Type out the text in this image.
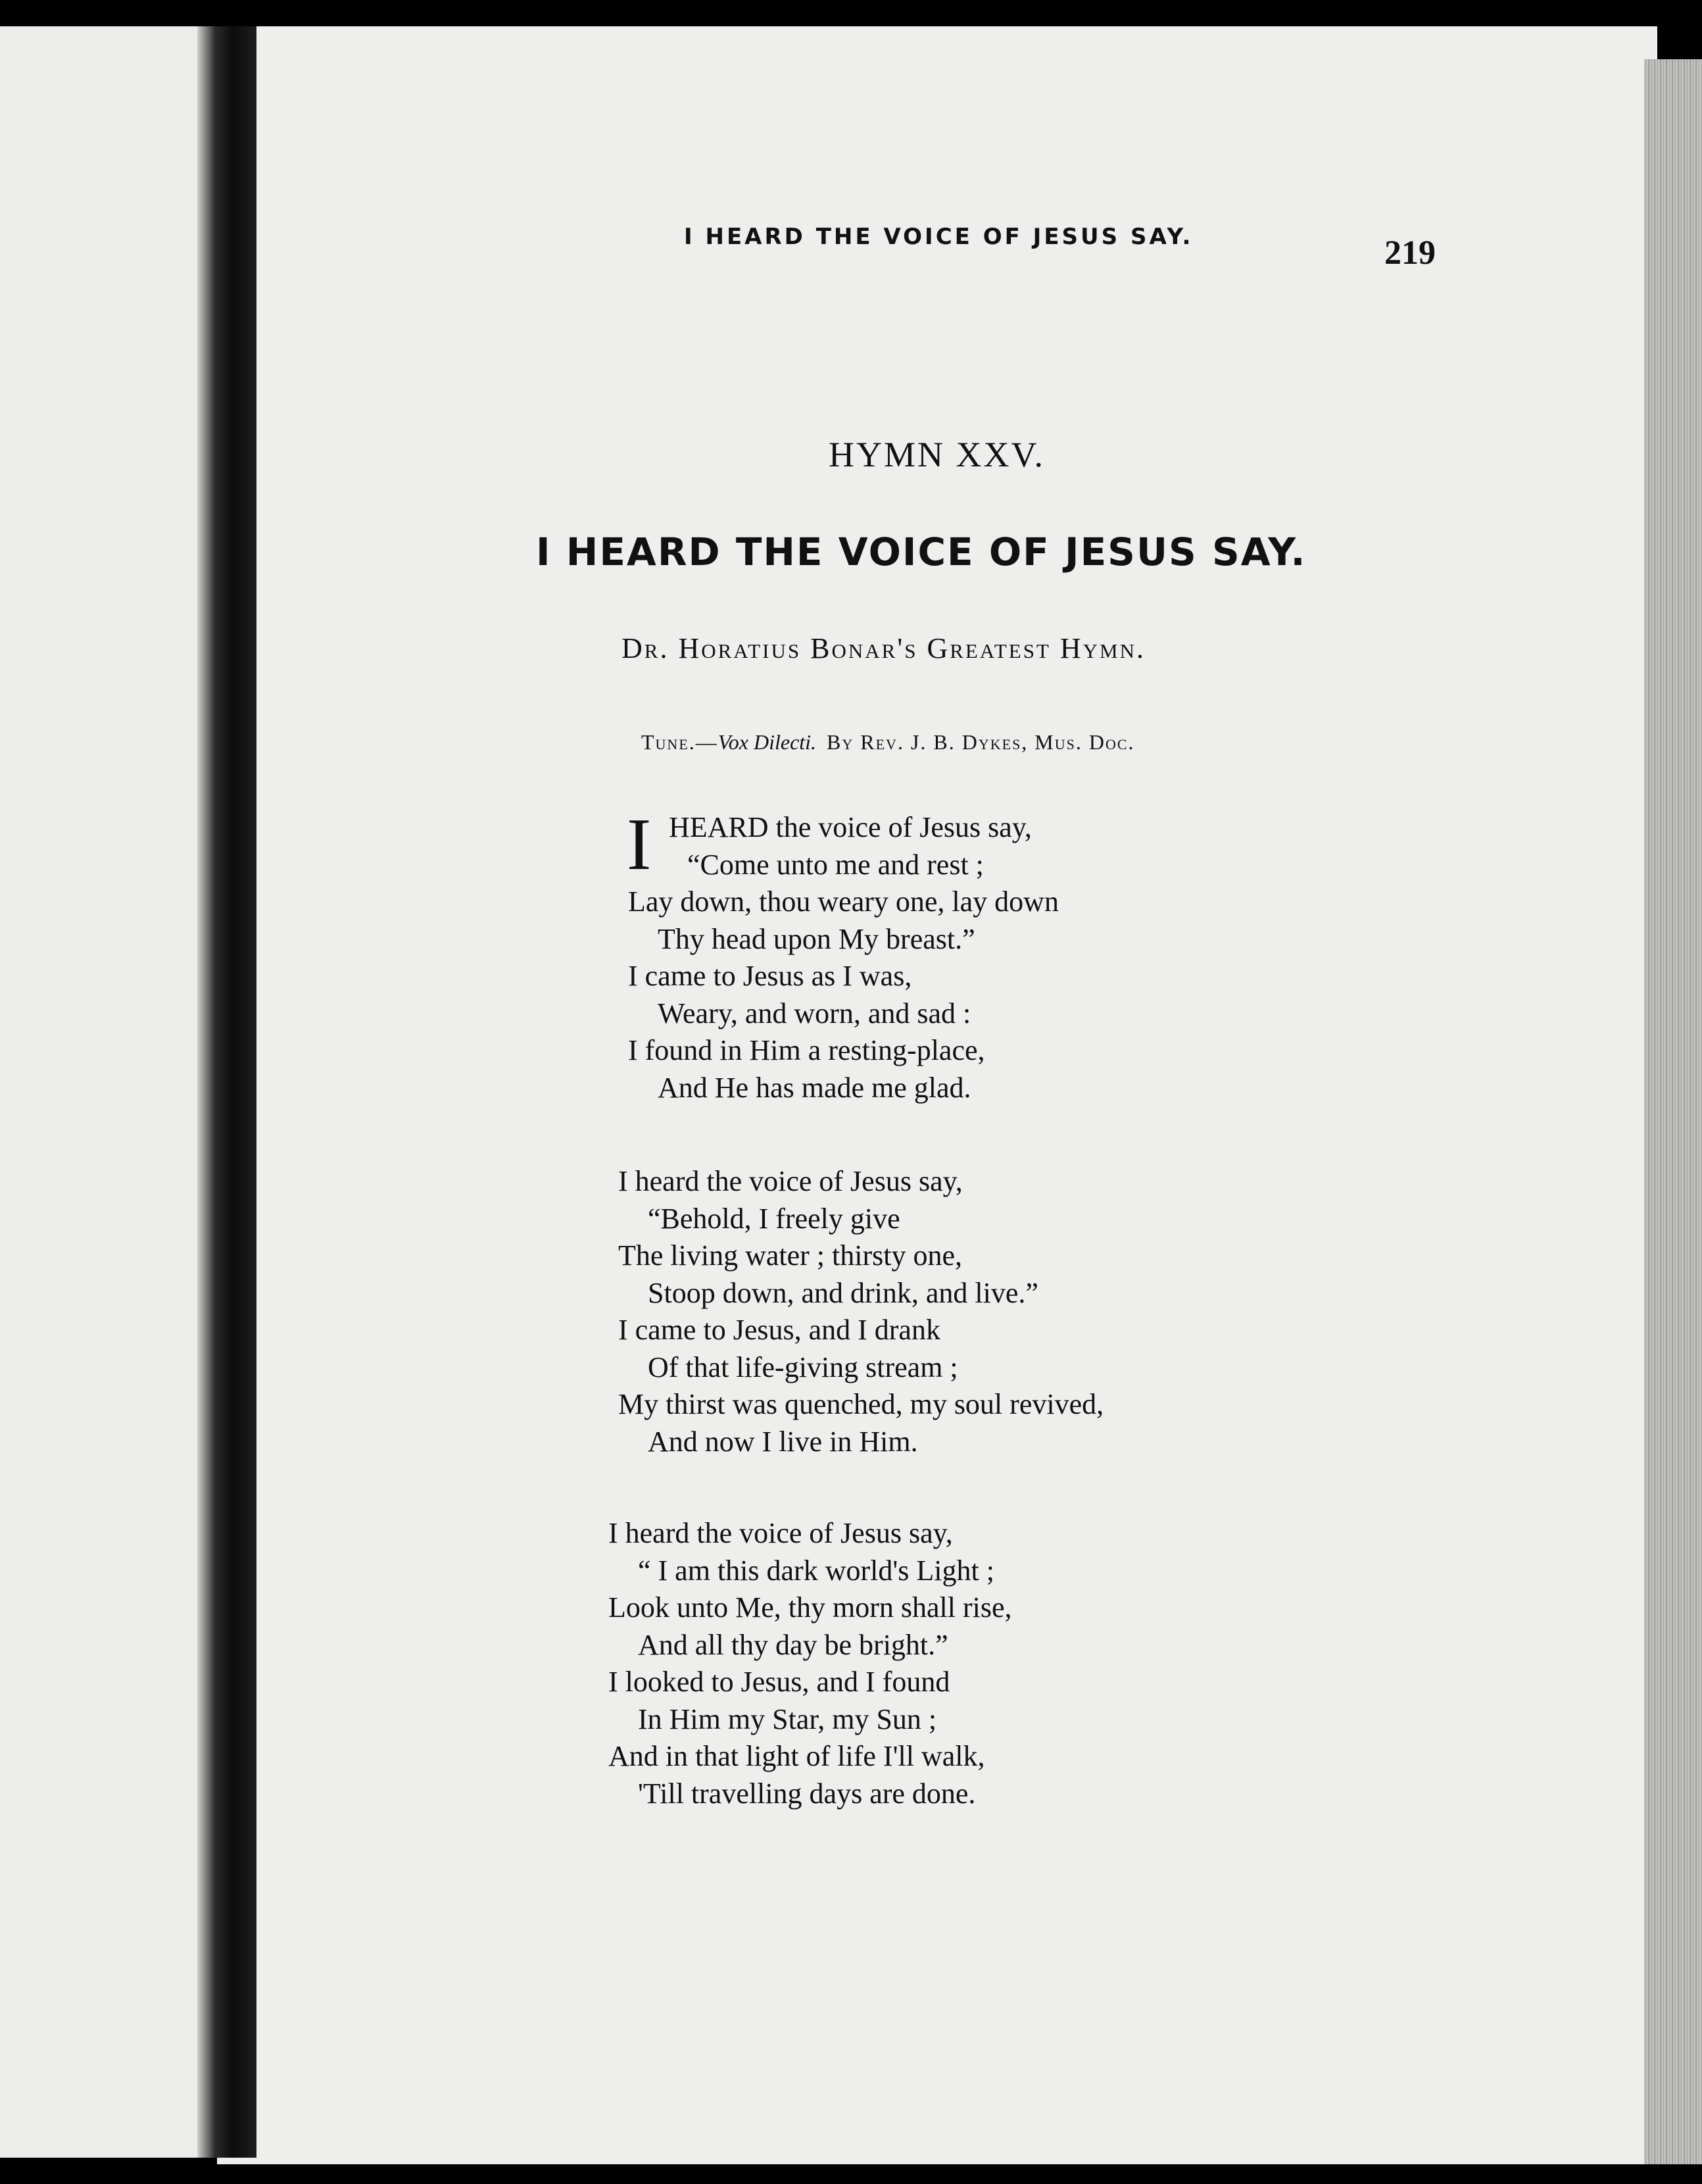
I HEARD THE VOICE OF JESUS SAY.	219
HYMN XXV.
I HEARD THE VOICE OF JESUS SAY.
Dr. Horatius Bonar's Greatest Hymn.
Tune.—Vox Dilecti. By Rev. J. B. Dykes, Mus. Doc.
I HEARD the voice of Jesus say,
“Come unto me and rest ;
Lay down, thou weary one, lay down
Thy head upon My breast.”
I came to Jesus as I was,
Weary, and worn, and sad :
I found in Him a resting-place,
And He has made me glad.
I heard the voice of Jesus say,
“Behold, I freely give
The living water ; thirsty one,
Stoop down, and drink, and live.”
I came to Jesus, and I drank
Of that life-giving stream ;
My thirst was quenched, my soul revived,
And now I live in Him.
I heard the voice of Jesus say,
“ I am this dark world's Light ;
Look unto Me, thy morn shall rise,
And all thy day be bright.”
I looked to Jesus, and I found
In Him my Star, my Sun ;
And in that light of life I'll walk,
'Till travelling days are done.
